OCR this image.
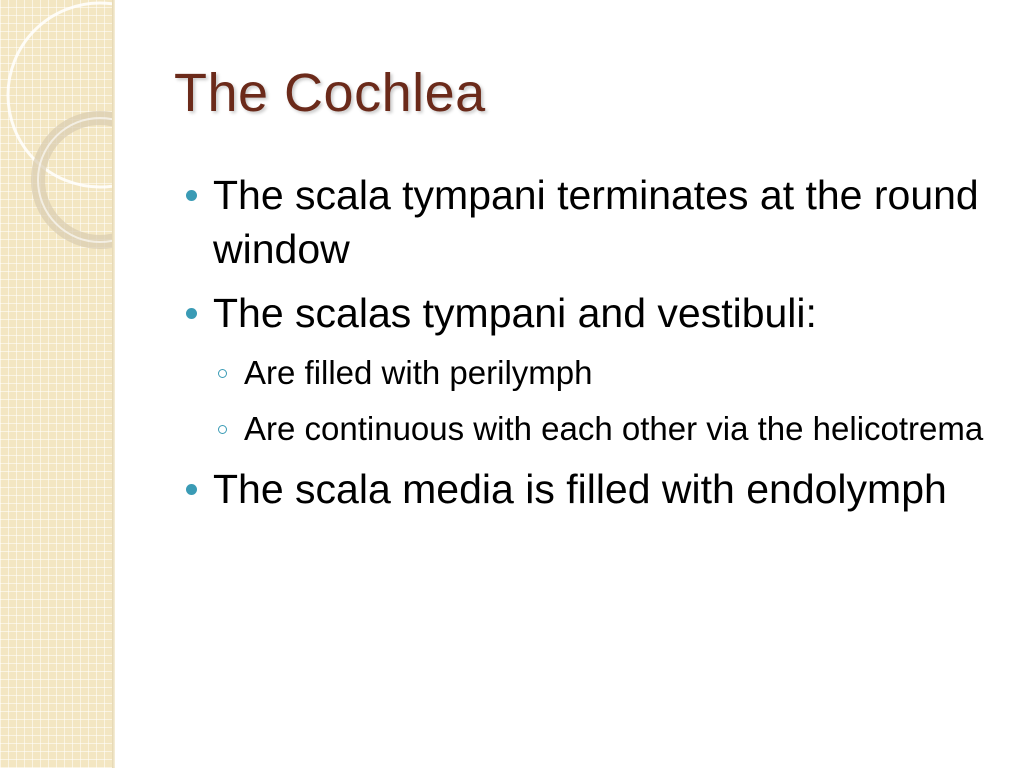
The Cochlea
The scala tympani terminates at the round window
The scalas tympani and vestibuli:
Are filled with perilymph
Are continuous with each other via the helicotrema
The scala media is filled with endolymph
